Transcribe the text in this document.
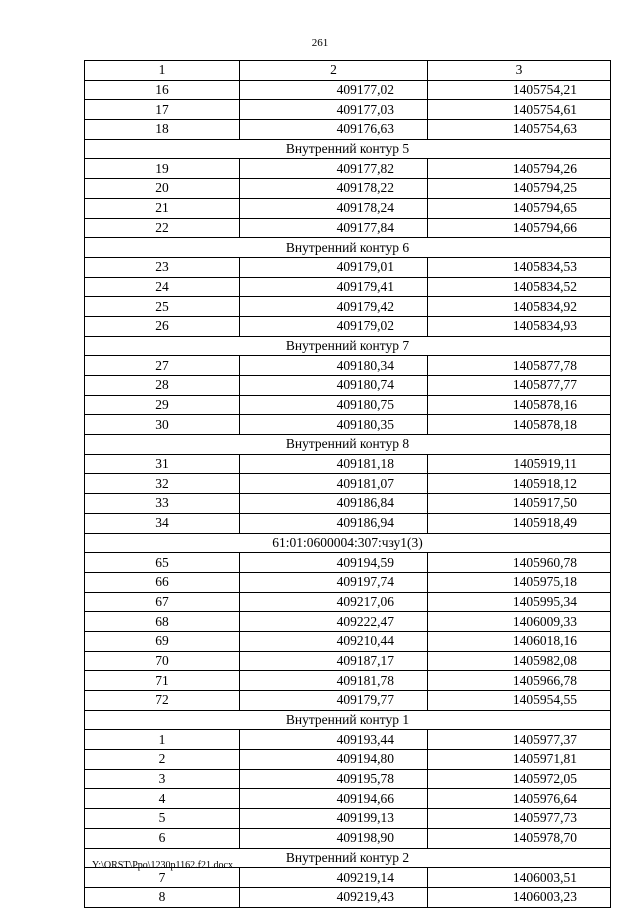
261
1	2	3
16	409177,02	1405754,21
17	409177,03	1405754,61
18	409176,63	1405754,63
Внутренний контур 5		
19	409177,82	1405794,26
20	409178,22	1405794,25
21	409178,24	1405794,65
22	409177,84	1405794,66
Внутренний контур 6		
23	409179,01	1405834,53
24	409179,41	1405834,52
25	409179,42	1405834,92
26	409179,02	1405834,93
Внутренний контур 7		
27	409180,34	1405877,78
28	409180,74	1405877,77
29	409180,75	1405878,16
30	409180,35	1405878,18
Внутренний контур 8		
31	409181,18	1405919,11
32	409181,07	1405918,12
33	409186,84	1405917,50
34	409186,94	1405918,49
61:01:0600004:307:чзу1(3)		
65	409194,59	1405960,78
66	409197,74	1405975,18
67	409217,06	1405995,34
68	409222,47	1406009,33
69	409210,44	1406018,16
70	409187,17	1405982,08
71	409181,78	1405966,78
72	409179,77	1405954,55
Внутренний контур 1		
1	409193,44	1405977,37
2	409194,80	1405971,81
3	409195,78	1405972,05
4	409194,66	1405976,64
5	409199,13	1405977,73
6	409198,90	1405978,70
Внутренний контур 2		
7	409219,14	1406003,51
8	409219,43	1406003,23
Y:\ORST\Ppo\1230p1162.f21.docx
